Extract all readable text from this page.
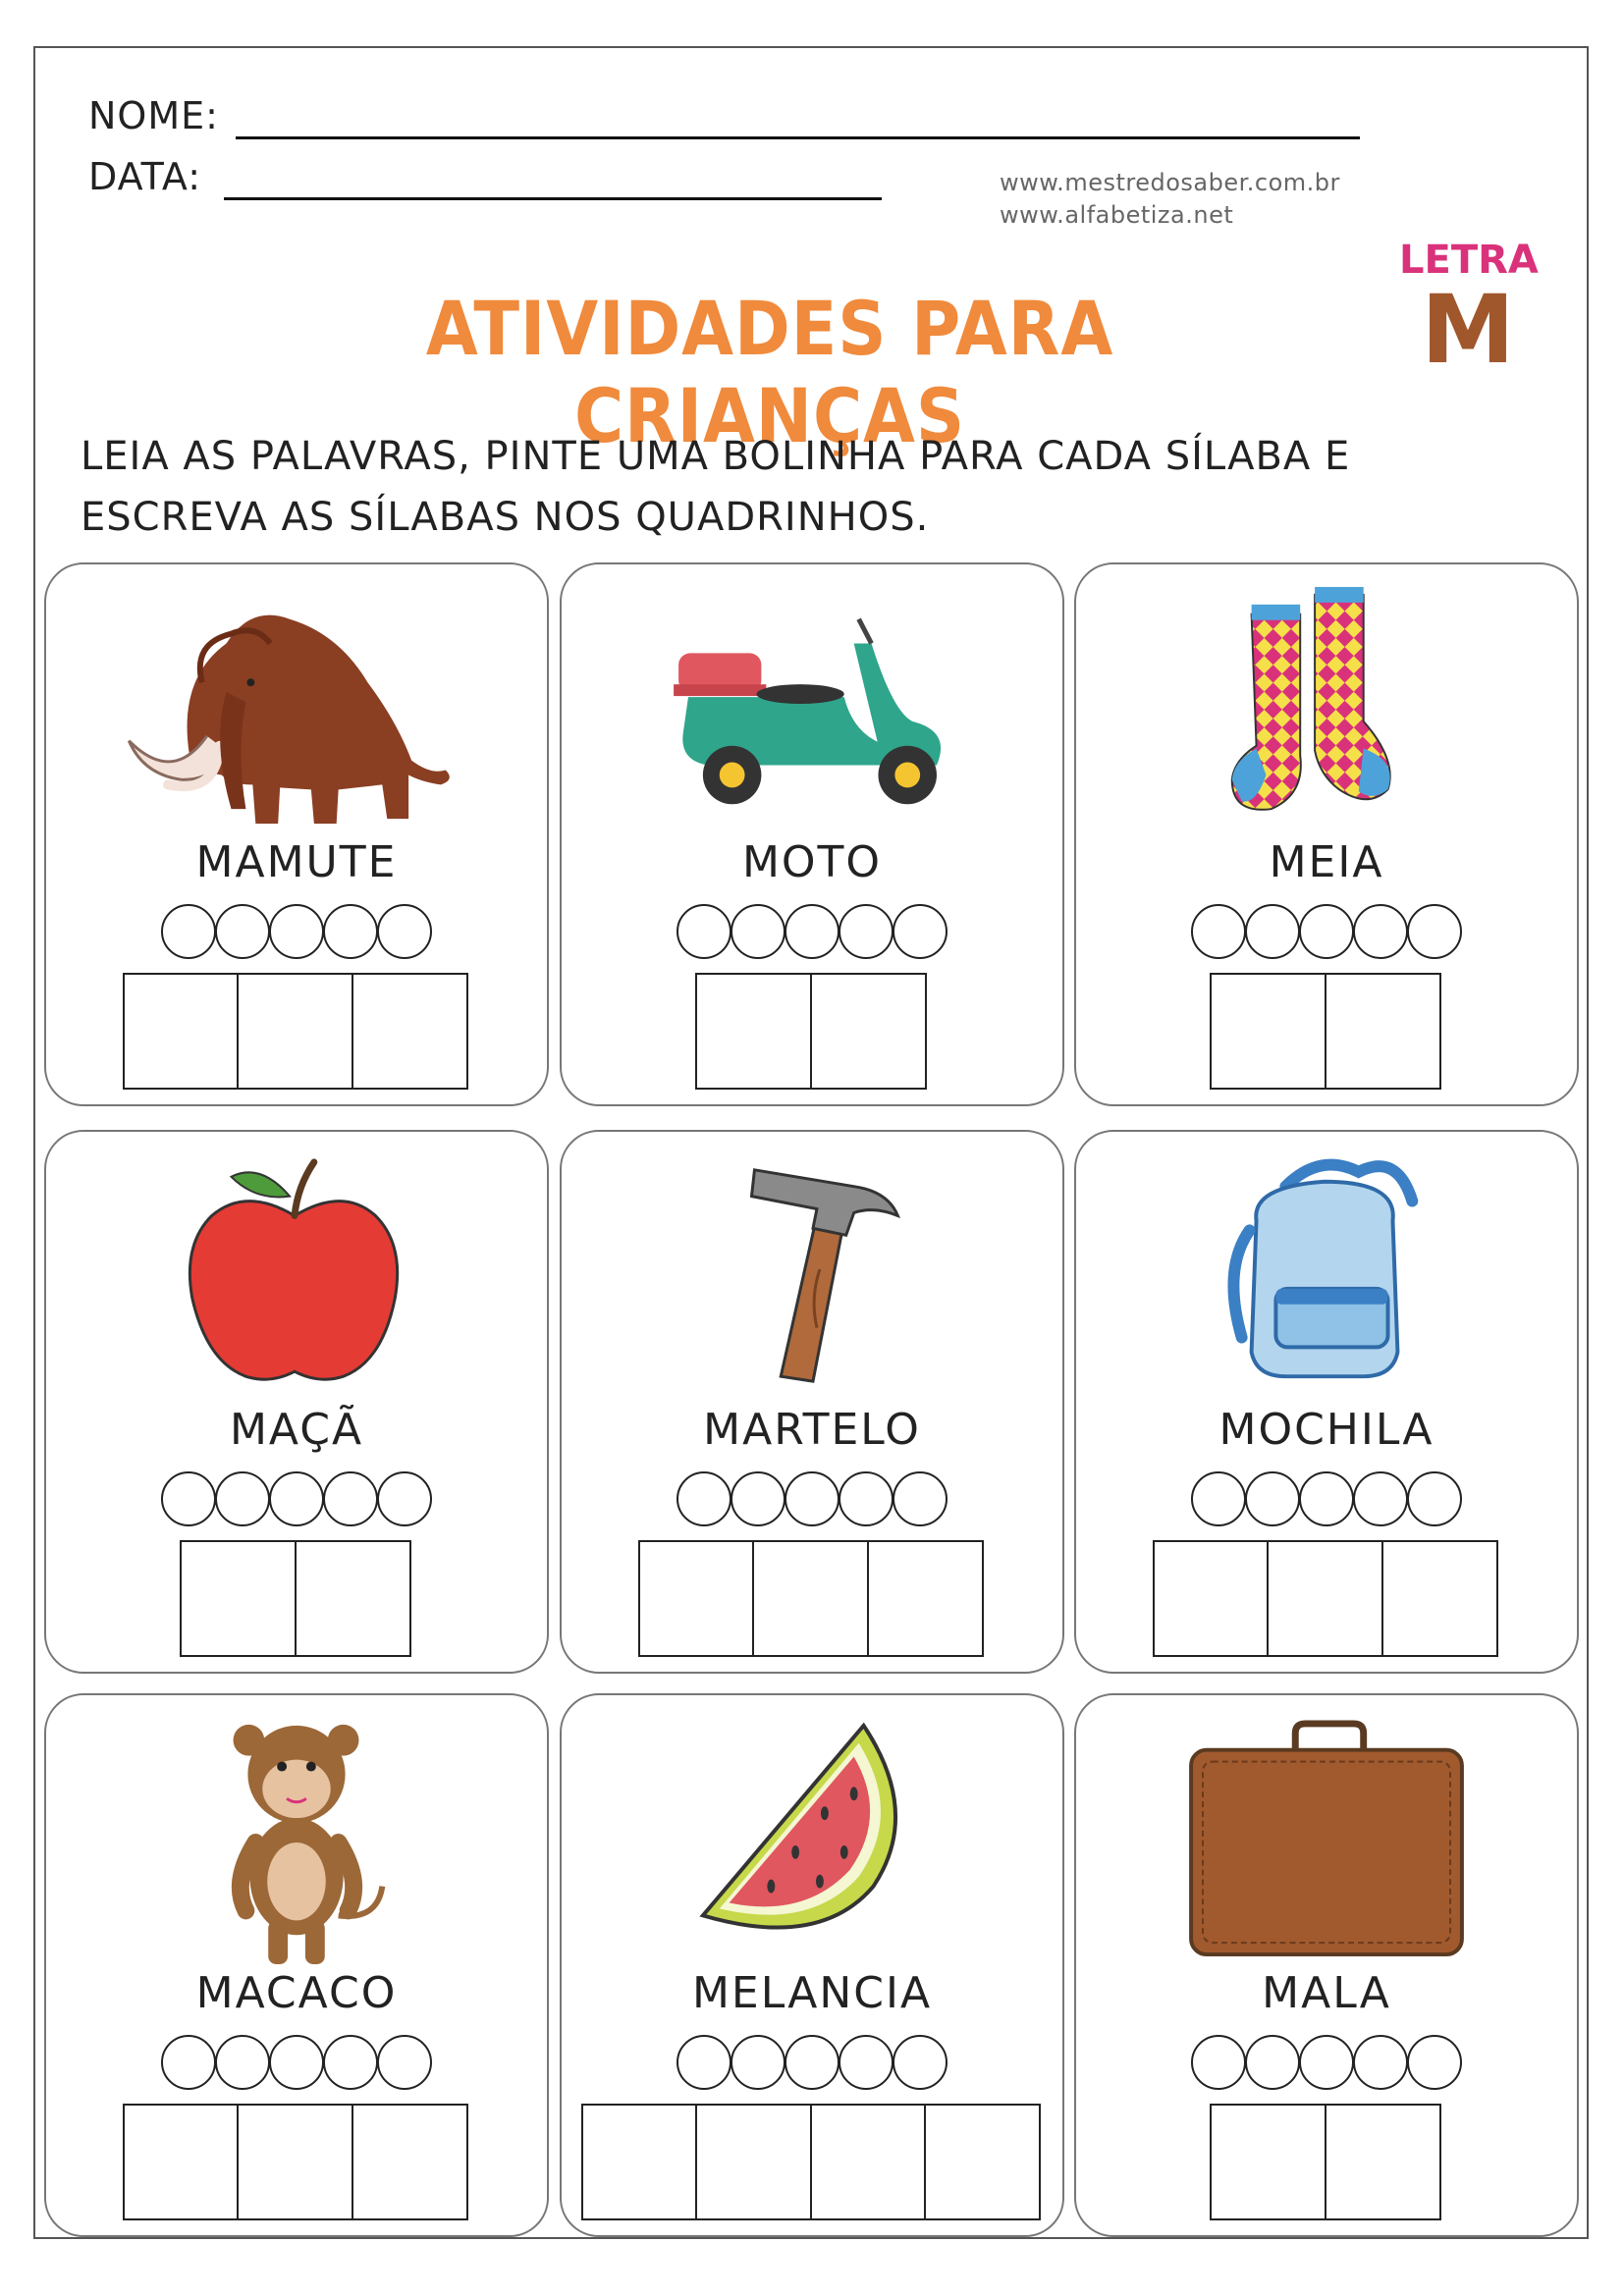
NOME:
DATA:	www.mestredosaber.com.br
www.alfabetiza.net
ATIVIDADES PARA CRIANÇAS
LETRA
M
LEIA AS PALAVRAS, PINTE UMA BOLINHA PARA CADA SÍLABA E
ESCREVA AS SÍLABAS NOS QUADRINHOS.
MAMUTE	MOTO	MEIA
MAÇÃ	MARTELO	MOCHILA
MACACO	MELANCIA	MALA
